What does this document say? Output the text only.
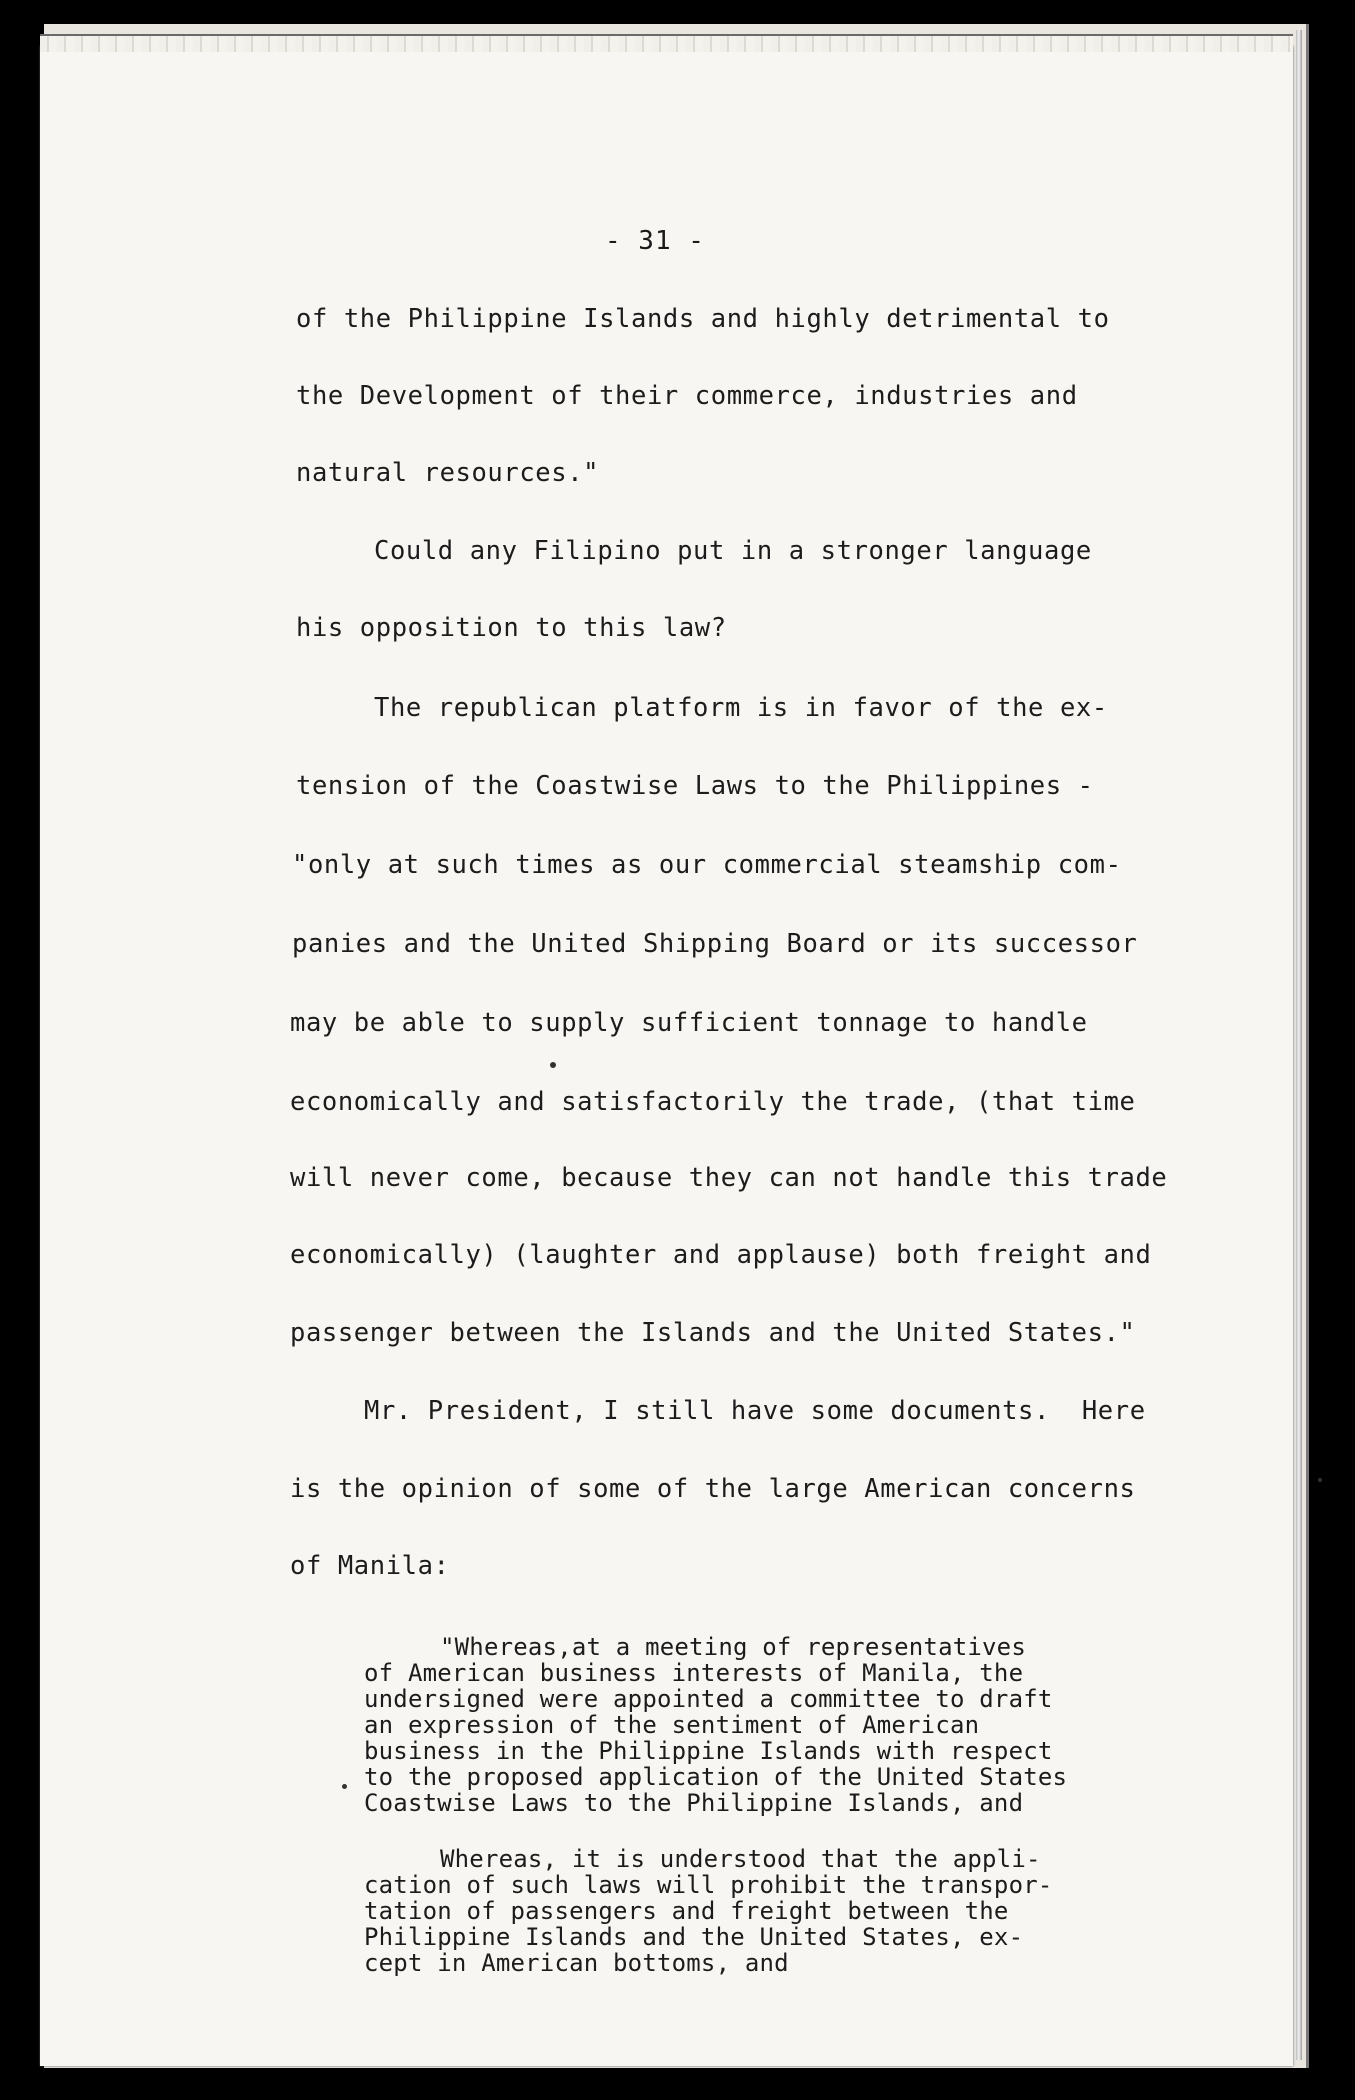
- 31 -
of the Philippine Islands and highly detrimental to
the Development of their commerce, industries and
natural resources."
Could any Filipino put in a stronger language
his opposition to this law?
The republican platform is in favor of the ex-
tension of the Coastwise Laws to the Philippines -
"only at such times as our commercial steamship com-
panies and the United Shipping Board or its successor
may be able to supply sufficient tonnage to handle
economically and satisfactorily the trade, (that time
will never come, because they can not handle this trade
economically) (laughter and applause) both freight and
passenger between the Islands and the United States."
Mr. President, I still have some documents.  Here
is the opinion of some of the large American concerns
of Manila:
"Whereas,at a meeting of representatives
of American business interests of Manila, the
undersigned were appointed a committee to draft
an expression of the sentiment of American
business in the Philippine Islands with respect
to the proposed application of the United States
Coastwise Laws to the Philippine Islands, and
Whereas, it is understood that the appli-
cation of such laws will prohibit the transpor-
tation of passengers and freight between the
Philippine Islands and the United States, ex-
cept in American bottoms, and
